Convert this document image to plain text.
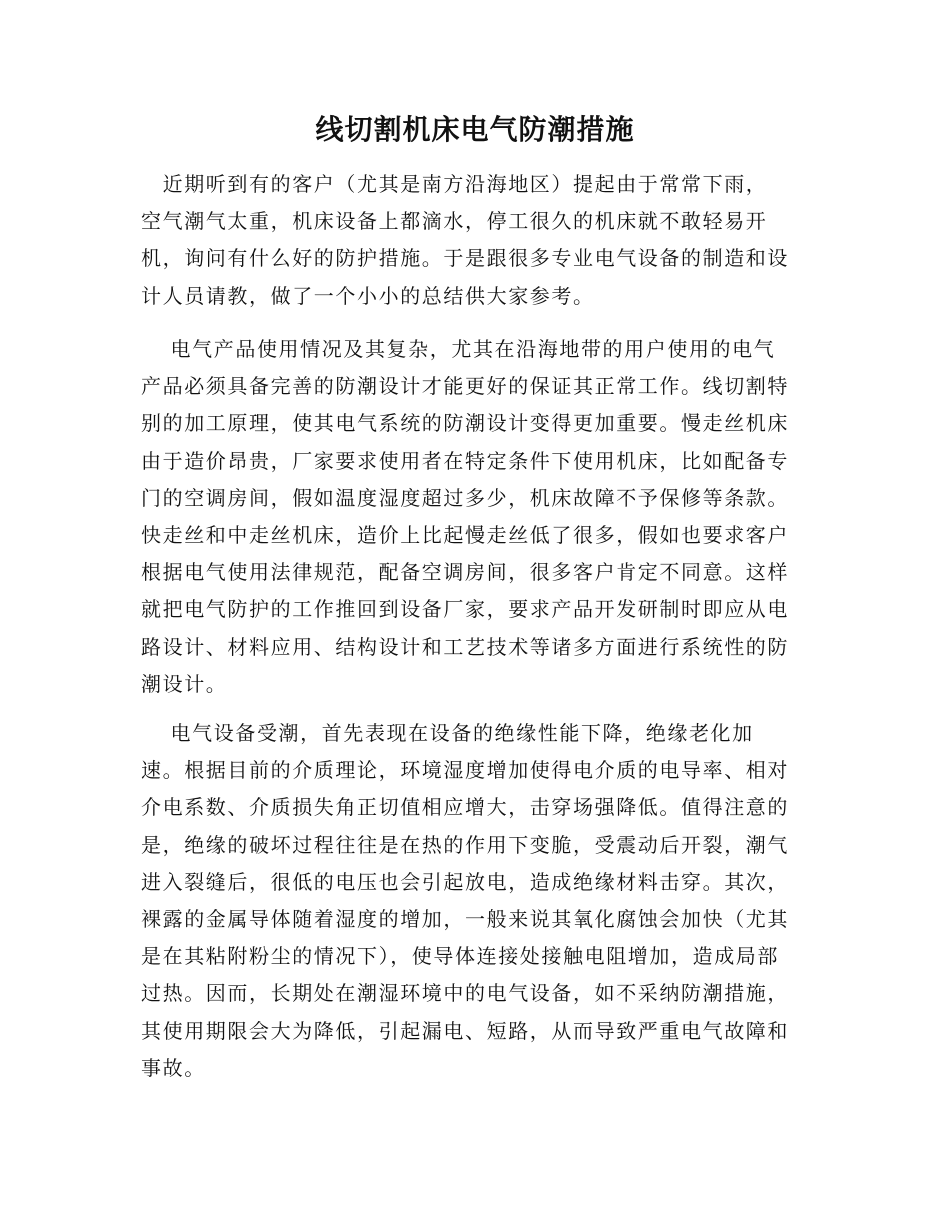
线切割机床电气防潮措施
　近期听到有的客户（尤其是南方沿海地区）提起由于常常下雨，
空气潮气太重，机床设备上都滴水，停工很久的机床就不敢轻易开
机，询问有什么好的防护措施。于是跟很多专业电气设备的制造和设
计人员请教，做了一个小小的总结供大家参考。
　 电气产品使用情况及其复杂，尤其在沿海地带的用户使用的电气
产品必须具备完善的防潮设计才能更好的保证其正常工作。线切割特
别的加工原理，使其电气系统的防潮设计变得更加重要。慢走丝机床
由于造价昂贵，厂家要求使用者在特定条件下使用机床，比如配备专
门的空调房间，假如温度湿度超过多少，机床故障不予保修等条款。
快走丝和中走丝机床，造价上比起慢走丝低了很多，假如也要求客户
根据电气使用法律规范，配备空调房间，很多客户肯定不同意。这样
就把电气防护的工作推回到设备厂家，要求产品开发研制时即应从电
路设计、材料应用、结构设计和工艺技术等诸多方面进行系统性的防
潮设计。
　 电气设备受潮，首先表现在设备的绝缘性能下降，绝缘老化加
速。根据目前的介质理论，环境湿度增加使得电介质的电导率、相对
介电系数、介质损失角正切值相应增大，击穿场强降低。值得注意的
是，绝缘的破坏过程往往是在热的作用下变脆，受震动后开裂，潮气
进入裂缝后，很低的电压也会引起放电，造成绝缘材料击穿。其次，
裸露的金属导体随着湿度的增加，一般来说其氧化腐蚀会加快（尤其
是在其粘附粉尘的情况下），使导体连接处接触电阻增加，造成局部
过热。因而，长期处在潮湿环境中的电气设备，如不采纳防潮措施，
其使用期限会大为降低，引起漏电、短路，从而导致严重电气故障和
事故。
